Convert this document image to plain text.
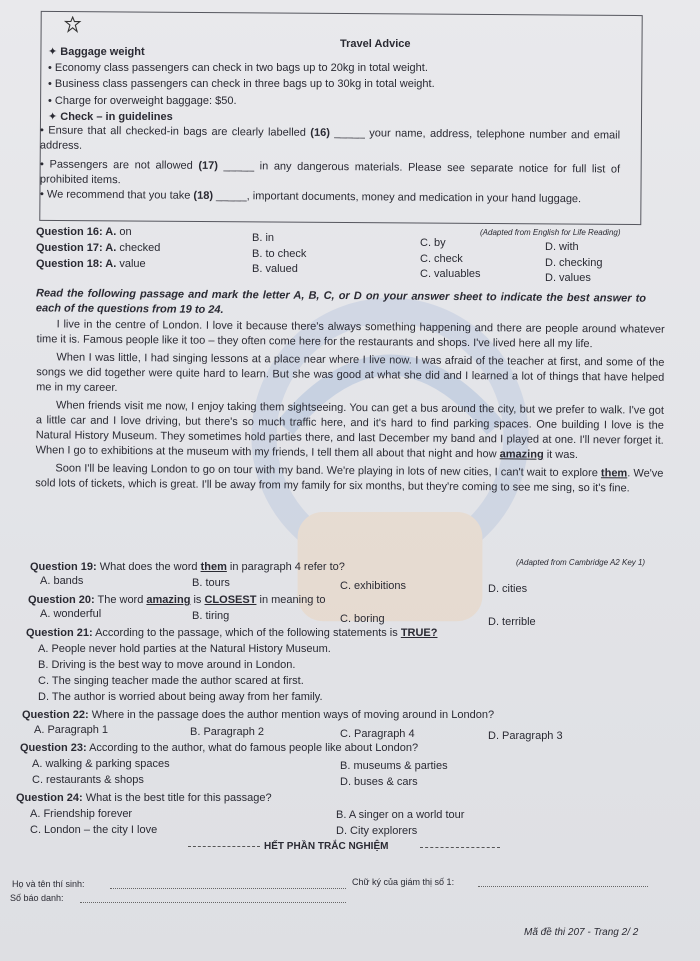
Travel Advice
✦ Baggage weight
• Economy class passengers can check in two bags up to 20kg in total weight.
• Business class passengers can check in three bags up to 30kg in total weight.
• Charge for overweight baggage: $50.
✦ Check – in guidelines
• Ensure that all checked-in bags are clearly labelled (16) _____ your name, address, telephone number and email address.
• Passengers are not allowed (17) _____ in any dangerous materials. Please see separate notice for full list of prohibited items.
• We recommend that you take (18) _____, important documents, money and medication in your hand luggage.
(Adapted from English for Life Reading)
Question 16: A. on	B. in	C. by	D. with
Question 17: A. checked	B. to check	C. check	D. checking
Question 18: A. value	B. valued	C. valuables	D. values
Read the following passage and mark the letter A, B, C, or D on your answer sheet to indicate the best answer to each of the questions from 19 to 24.

I live in the centre of London. I love it because there's always something happening and there are people around whatever time it is. Famous people like it too – they often come here for the restaurants and shops. I've lived here all my life.

When I was little, I had singing lessons at a place near where I live now. I was afraid of the teacher at first, and some of the songs we did together were quite hard to learn. But she was good at what she did and I learned a lot of things that have helped me in my career.

When friends visit me now, I enjoy taking them sightseeing. You can get a bus around the city, but we prefer to walk. I've got a little car and I love driving, but there's so much traffic here, and it's hard to find parking spaces. One building I love is the Natural History Museum. They sometimes hold parties there, and last December my band and I played at one. I'll never forget it. When I go to exhibitions at the museum with my friends, I tell them all about that night and how amazing it was.

Soon I'll be leaving London to go on tour with my band. We're playing in lots of new cities, I can't wait to explore them. We've sold lots of tickets, which is great. I'll be away from my family for six months, but they're coming to see me sing, so it's fine.

(Adapted from Cambridge A2 Key 1)
Question 19: What does the word them in paragraph 4 refer to?
A. bands	B. tours	C. exhibitions	D. cities
Question 20: The word amazing is CLOSEST in meaning to
A. wonderful	B. tiring	C. boring	D. terrible
Question 21: According to the passage, which of the following statements is TRUE?
A. People never hold parties at the Natural History Museum.
B. Driving is the best way to move around in London.
C. The singing teacher made the author scared at first.
D. The author is worried about being away from her family.
Question 22: Where in the passage does the author mention ways of moving around in London?
A. Paragraph 1	B. Paragraph 2	C. Paragraph 4	D. Paragraph 3
Question 23: According to the author, what do famous people like about London?
A. walking & parking spaces	B. museums & parties
C. restaurants & shops	D. buses & cars
Question 24: What is the best title for this passage?
A. Friendship forever	B. A singer on a world tour
C. London – the city I love	D. City explorers
HẾT PHẦN TRẮC NGHIỆM
Họ và tên thí sinh:	Chữ ký của giám thị số 1:
Số báo danh:
Mã đề thi 207 - Trang 2/ 2
